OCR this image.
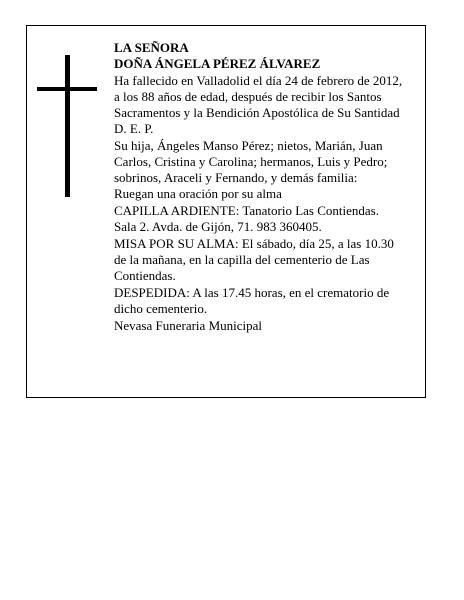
LA SEÑORA
DOÑA ÁNGELA PÉREZ ÁLVAREZ
Ha fallecido en Valladolid el día 24 de febrero de 2012,
a los 88 años de edad, después de recibir los Santos
Sacramentos y la Bendición Apostólica de Su Santidad
D. E. P.
Su hija, Ángeles Manso Pérez; nietos, Marián, Juan
Carlos, Cristina y Carolina; hermanos, Luis y Pedro;
sobrinos, Araceli y Fernando, y demás familia:
Ruegan una oración por su alma
CAPILLA ARDIENTE: Tanatorio Las Contiendas.
Sala 2. Avda. de Gijón, 71. 983 360405.
MISA POR SU ALMA: El sábado, día 25, a las 10.30
de la mañana, en la capilla del cementerio de Las
Contiendas.
DESPEDIDA: A las 17.45 horas, en el crematorio de
dicho cementerio.
Nevasa Funeraria Municipal
